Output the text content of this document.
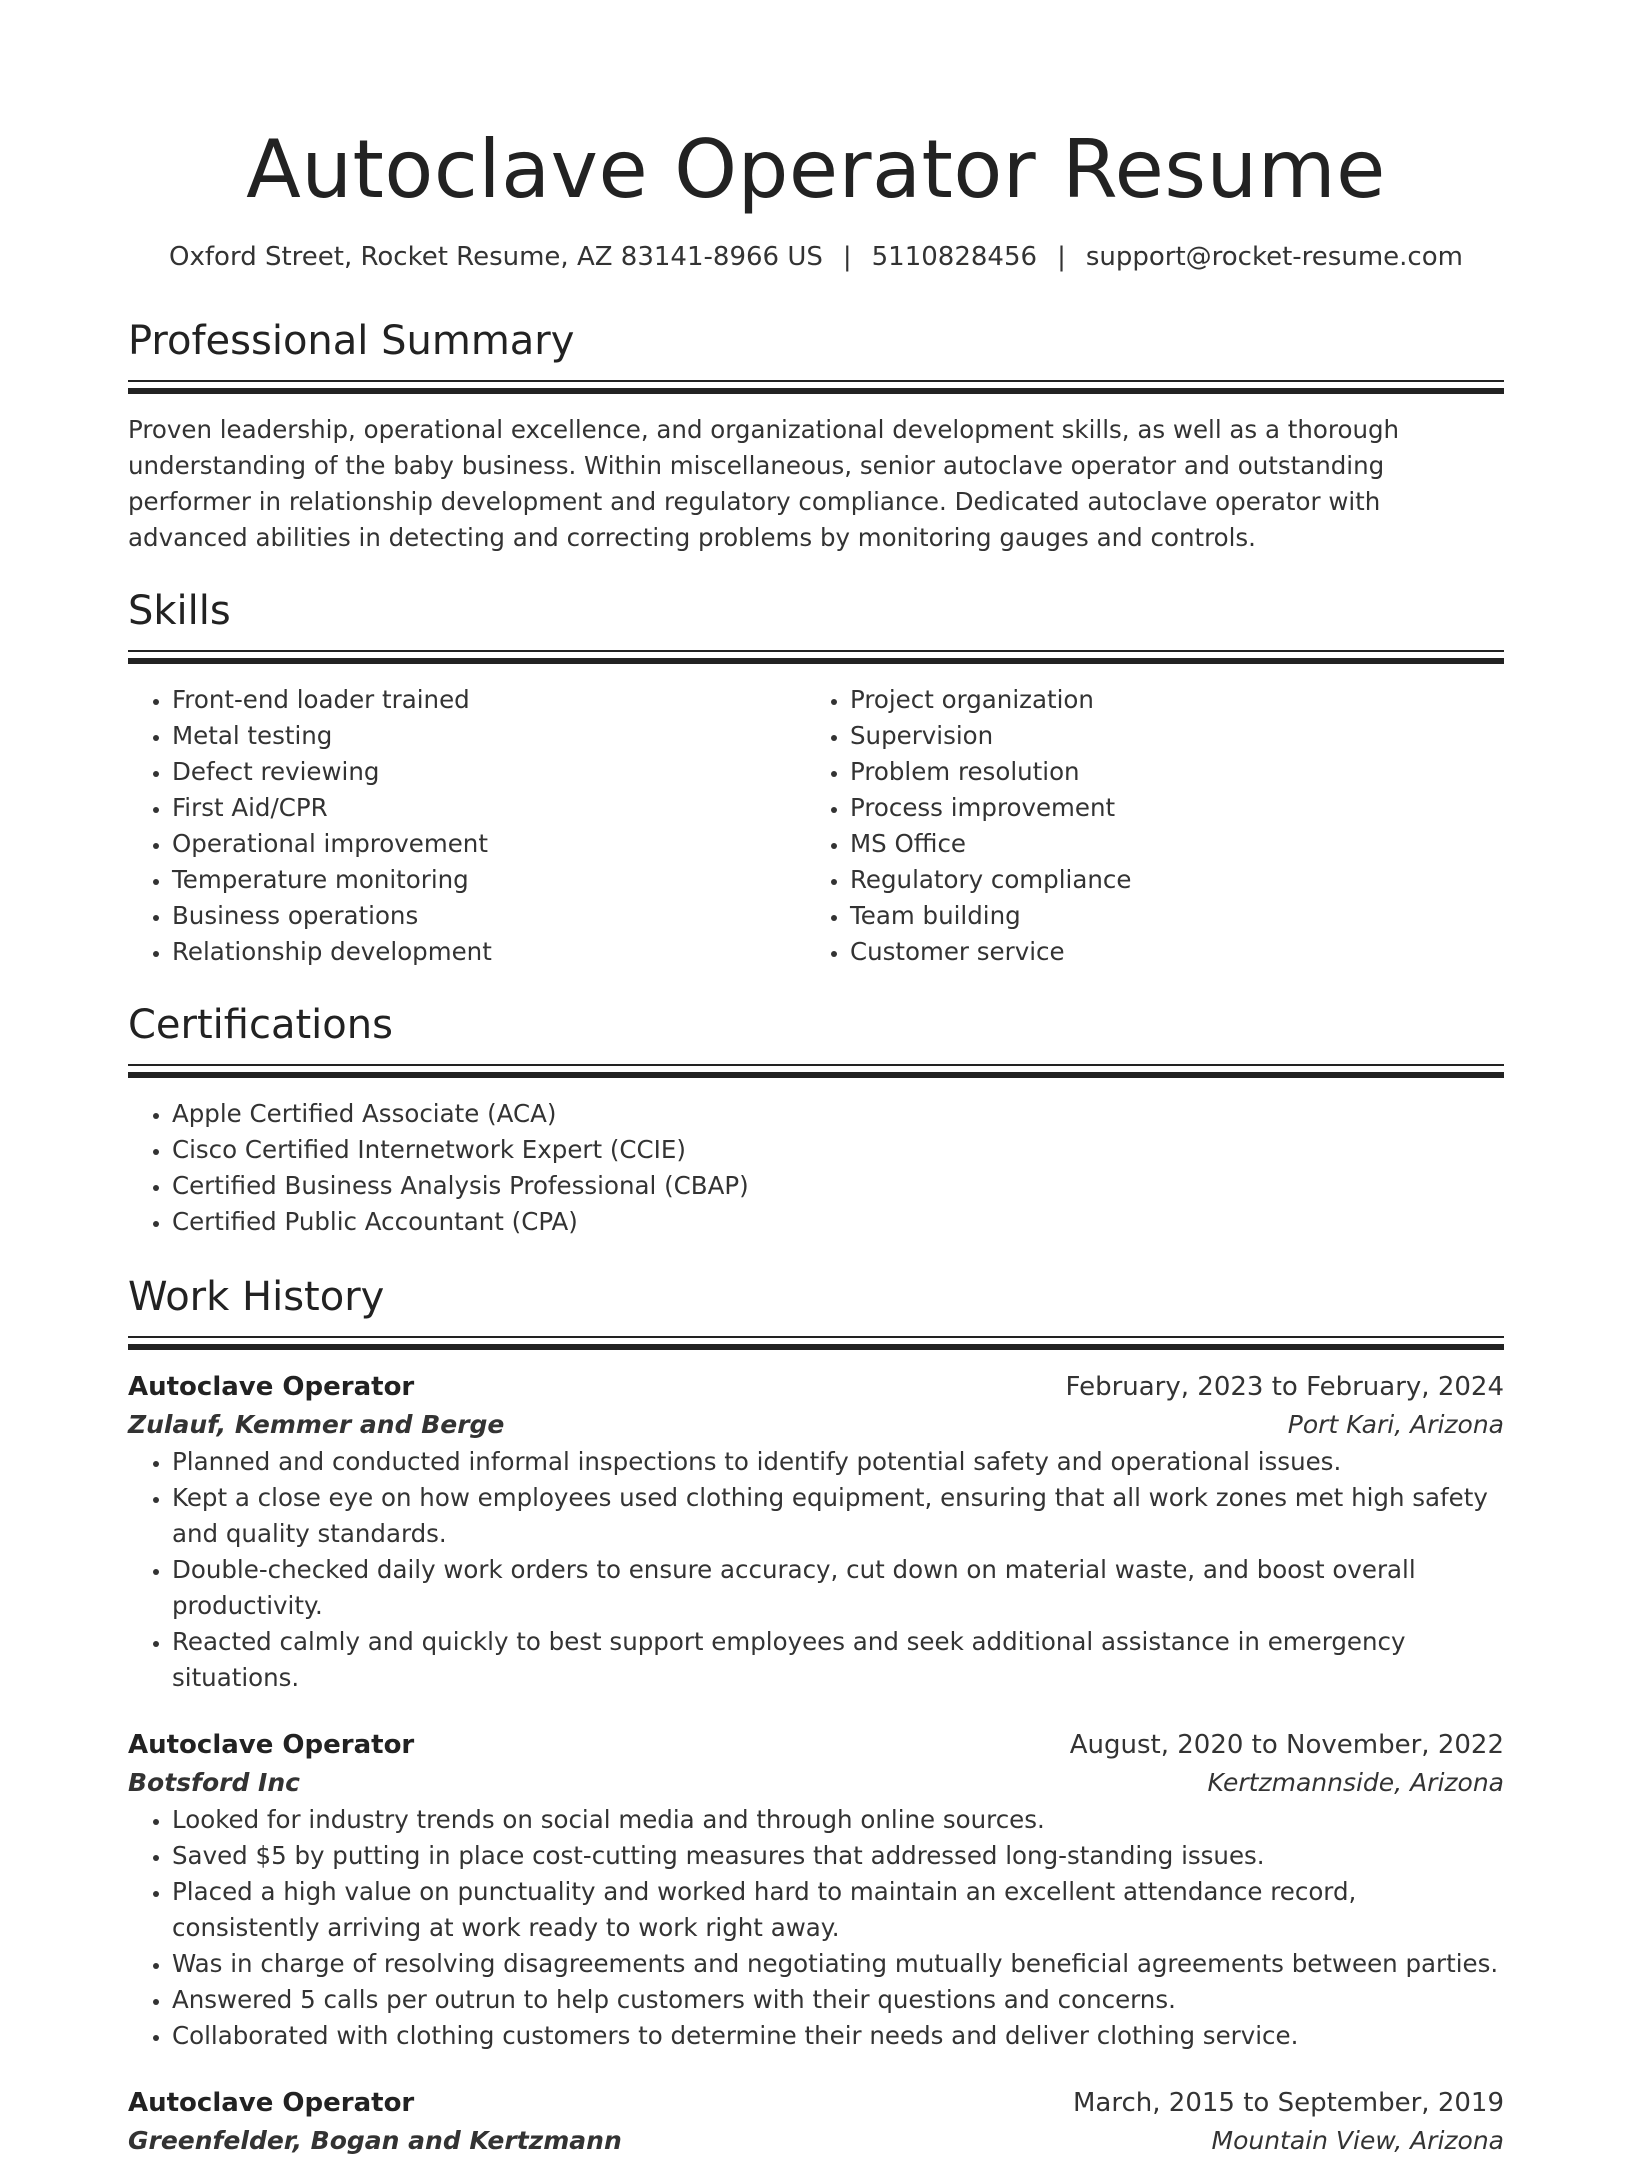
Autoclave Operator Resume
Oxford Street, Rocket Resume, AZ 83141-8966 US | 5110828456 | support@rocket-resume.com
Professional Summary
Proven leadership, operational excellence, and organizational development skills, as well as a thorough understanding of the baby business. Within miscellaneous, senior autoclave operator and outstanding performer in relationship development and regulatory compliance. Dedicated autoclave operator with advanced abilities in detecting and correcting problems by monitoring gauges and controls.
Skills
• Front-end loader trained
• Metal testing
• Defect reviewing
• First Aid/CPR
• Operational improvement
• Temperature monitoring
• Business operations
• Relationship development
• Project organization
• Supervision
• Problem resolution
• Process improvement
• MS Office
• Regulatory compliance
• Team building
• Customer service
Certifications
• Apple Certified Associate (ACA)
• Cisco Certified Internetwork Expert (CCIE)
• Certified Business Analysis Professional (CBAP)
• Certified Public Accountant (CPA)
Work History
Autoclave Operator	February, 2023 to February, 2024
Zulauf, Kemmer and Berge	Port Kari, Arizona
• Planned and conducted informal inspections to identify potential safety and operational issues.
• Kept a close eye on how employees used clothing equipment, ensuring that all work zones met high safety and quality standards.
• Double-checked daily work orders to ensure accuracy, cut down on material waste, and boost overall productivity.
• Reacted calmly and quickly to best support employees and seek additional assistance in emergency situations.
Autoclave Operator	August, 2020 to November, 2022
Botsford Inc	Kertzmannside, Arizona
• Looked for industry trends on social media and through online sources.
• Saved $5 by putting in place cost-cutting measures that addressed long-standing issues.
• Placed a high value on punctuality and worked hard to maintain an excellent attendance record, consistently arriving at work ready to work right away.
• Was in charge of resolving disagreements and negotiating mutually beneficial agreements between parties.
• Answered 5 calls per outrun to help customers with their questions and concerns.
• Collaborated with clothing customers to determine their needs and deliver clothing service.
Autoclave Operator	March, 2015 to September, 2019
Greenfelder, Bogan and Kertzmann	Mountain View, Arizona
